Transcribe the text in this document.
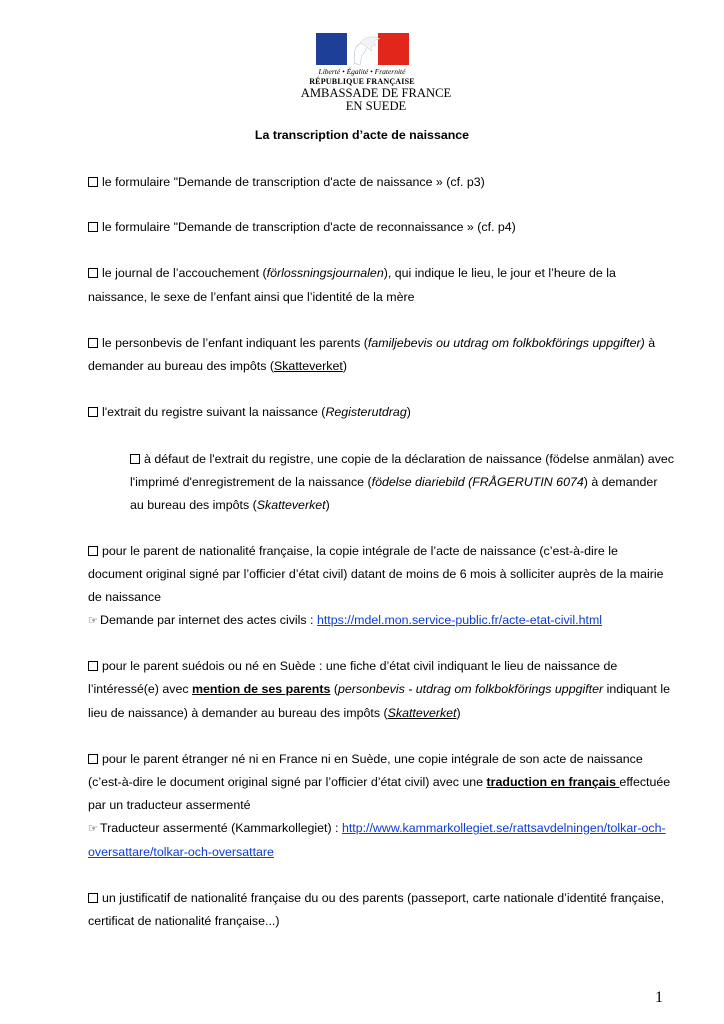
Liberté • Égalité • Fraternité
RÉPUBLIQUE FRANÇAISE
AMBASSADE DE FRANCE
EN SUEDE
La transcription d’acte de naissance
le formulaire "Demande de transcription d'acte de naissance » (cf. p3)
le formulaire "Demande de transcription d'acte de reconnaissance » (cf. p4)
le journal de l’accouchement (förlossningsjournalen), qui indique le lieu, le jour et l’heure de la
naissance, le sexe de l’enfant ainsi que l’identité de la mère
le personbevis de l’enfant indiquant les parents (familjebevis ou utdrag om folkbokförings uppgifter) à
demander au bureau des impôts (Skatteverket)
l'extrait du registre suivant la naissance (Registerutdrag)
à défaut de l'extrait du registre, une copie de la déclaration de naissance (födelse anmälan) avec
l'imprimé d'enregistrement de la naissance (födelse diariebild (FRÅGERUTIN 6074) à demander
au bureau des impôts (Skatteverket)
pour le parent de nationalité française, la copie intégrale de l’acte de naissance (c’est-à-dire le
document original signé par l’officier d’état civil) datant de moins de 6 mois à solliciter auprès de la mairie
de naissance
☞ Demande par internet des actes civils : https://mdel.mon.service-public.fr/acte-etat-civil.html
pour le parent suédois ou né en Suède : une fiche d’état civil indiquant le lieu de naissance de
l’intéressé(e) avec mention de ses parents (personbevis - utdrag om folkbokförings uppgifter indiquant le
lieu de naissance) à demander au bureau des impôts (Skatteverket)
pour le parent étranger né ni en France ni en Suède, une copie intégrale de son acte de naissance
(c’est-à-dire le document original signé par l’officier d’état civil) avec une traduction en français effectuée
par un traducteur assermenté
☞ Traducteur assermenté (Kammarkollegiet) : http://www.kammarkollegiet.se/rattsavdelningen/tolkar-och-
oversattare/tolkar-och-oversattare
un justificatif de nationalité française du ou des parents (passeport, carte nationale d’identité française,
certificat de nationalité française...)
1
